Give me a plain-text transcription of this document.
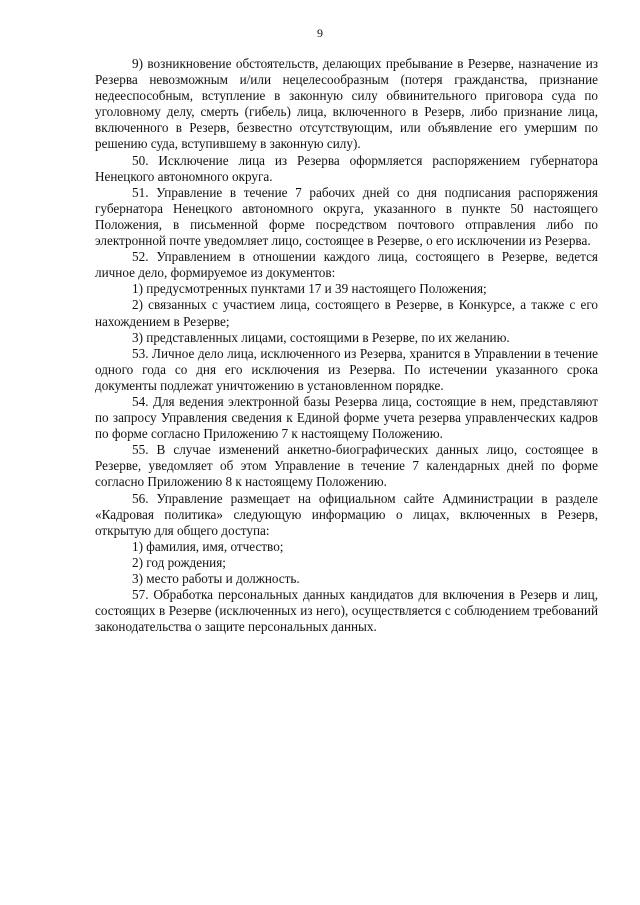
9

9) возникновение обстоятельств, делающих пребывание в Резерве, назначение из Резерва невозможным и/или нецелесообразным (потеря гражданства, признание недееспособным, вступление в законную силу обвинительного приговора суда по уголовному делу, смерть (гибель) лица, включенного в Резерв, либо признание лица, включенного в Резерв, безвестно отсутствующим, или объявление его умершим по решению суда, вступившему в законную силу).

50. Исключение лица из Резерва оформляется распоряжением губернатора Ненецкого автономного округа.

51. Управление в течение 7 рабочих дней со дня подписания распоряжения губернатора Ненецкого автономного округа, указанного в пункте 50 настоящего Положения, в письменной форме посредством почтового отправления либо по электронной почте уведомляет лицо, состоящее в Резерве, о его исключении из Резерва.

52. Управлением в отношении каждого лица, состоящего в Резерве, ведется личное дело, формируемое из документов:

1) предусмотренных пунктами 17 и 39 настоящего Положения;

2) связанных с участием лица, состоящего в Резерве, в Конкурсе, а также с его нахождением в Резерве;

3) представленных лицами, состоящими в Резерве, по их желанию.

53. Личное дело лица, исключенного из Резерва, хранится в Управлении в течение одного года со дня его исключения из Резерва. По истечении указанного срока документы подлежат уничтожению в установленном порядке.

54. Для ведения электронной базы Резерва лица, состоящие в нем, представляют по запросу Управления сведения к Единой форме учета резерва управленческих кадров по форме согласно Приложению 7 к настоящему Положению.

55. В случае изменений анкетно-биографических данных лицо, состоящее в Резерве, уведомляет об этом Управление в течение 7 календарных дней по форме согласно Приложению 8 к настоящему Положению.

56. Управление размещает на официальном сайте Администрации в разделе «Кадровая политика» следующую информацию о лицах, включенных в Резерв, открытую для общего доступа:

1) фамилия, имя, отчество;

2) год рождения;

3) место работы и должность.

57. Обработка персональных данных кандидатов для включения в Резерв и лиц, состоящих в Резерве (исключенных из него), осуществляется с соблюдением требований законодательства о защите персональных данных.
